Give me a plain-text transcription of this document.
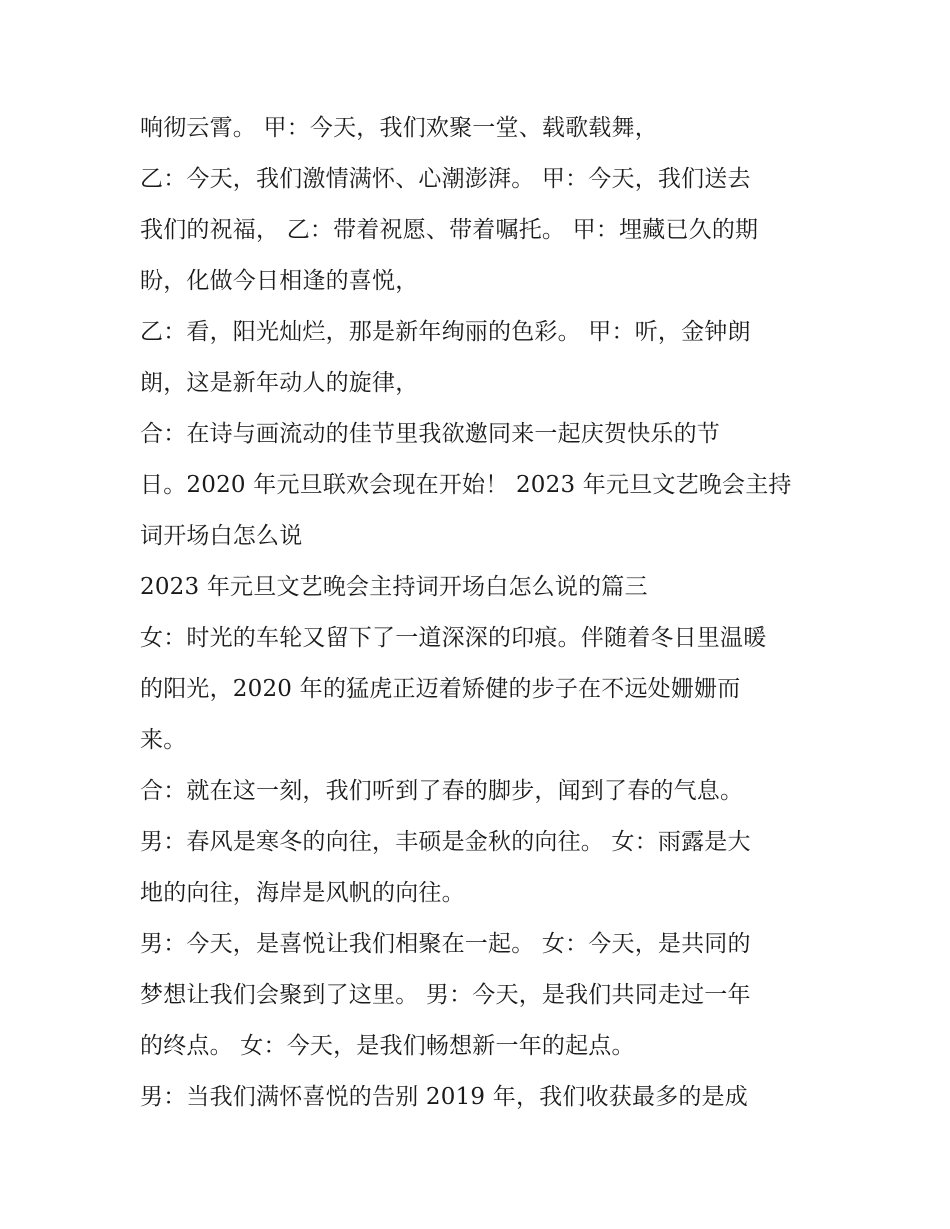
响彻云霄。 甲：今天，我们欢聚一堂、载歌载舞，
乙：今天，我们激情满怀、心潮澎湃。 甲：今天，我们送去
我们的祝福， 乙：带着祝愿、带着嘱托。 甲：埋藏已久的期
盼，化做今日相逢的喜悦，
乙：看，阳光灿烂，那是新年绚丽的色彩。 甲：听，金钟朗
朗，这是新年动人的旋律，
合：在诗与画流动的佳节里我欲邀同来一起庆贺快乐的节
日。2020 年元旦联欢会现在开始！ 2023 年元旦文艺晚会主持
词开场白怎么说
2023 年元旦文艺晚会主持词开场白怎么说的篇三
女：时光的车轮又留下了一道深深的印痕。伴随着冬日里温暖
的阳光，2020 年的猛虎正迈着矫健的步子在不远处姗姗而
来。
合：就在这一刻，我们听到了春的脚步，闻到了春的气息。
男：春风是寒冬的向往，丰硕是金秋的向往。 女：雨露是大
地的向往，海岸是风帆的向往。
男：今天，是喜悦让我们相聚在一起。 女：今天，是共同的
梦想让我们会聚到了这里。 男：今天，是我们共同走过一年
的终点。 女：今天，是我们畅想新一年的起点。
男：当我们满怀喜悦的告别 2019 年，我们收获最多的是成
